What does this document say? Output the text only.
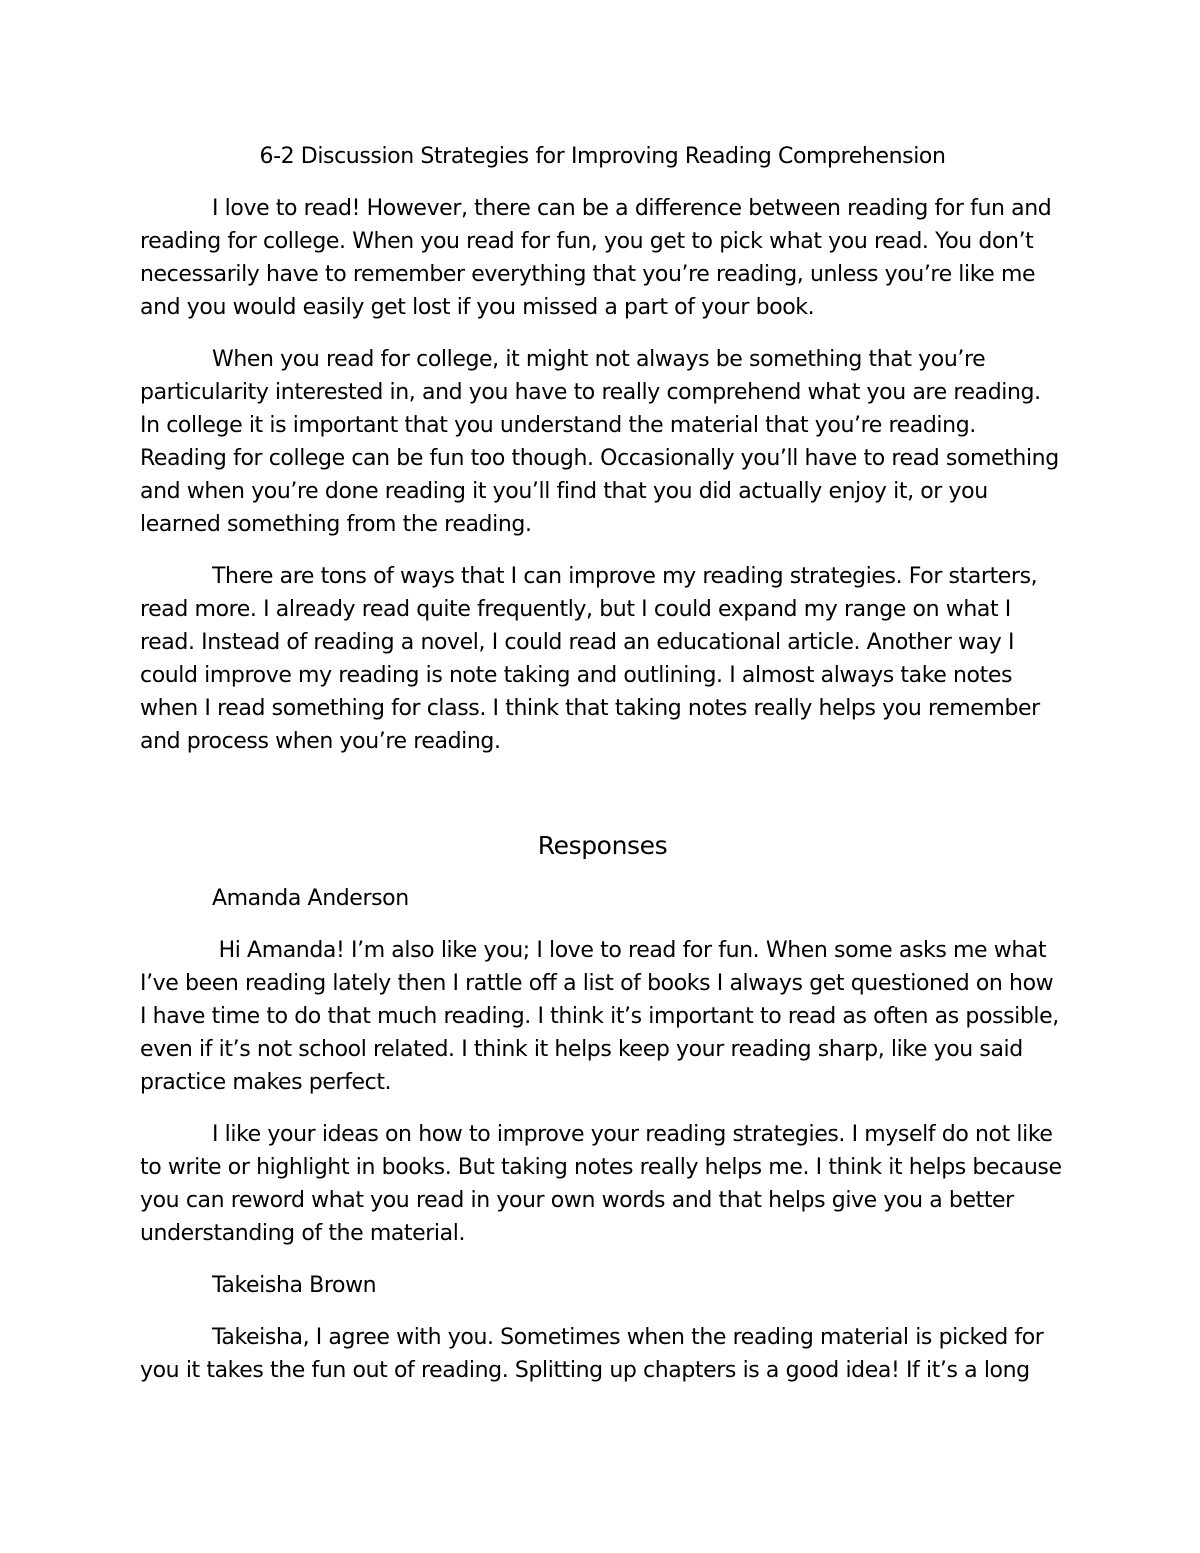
6-2 Discussion Strategies for Improving Reading Comprehension

I love to read! However, there can be a difference between reading for fun and reading for college. When you read for fun, you get to pick what you read. You don’t necessarily have to remember everything that you’re reading, unless you’re like me and you would easily get lost if you missed a part of your book.

When you read for college, it might not always be something that you’re particularity interested in, and you have to really comprehend what you are reading. In college it is important that you understand the material that you’re reading. Reading for college can be fun too though. Occasionally you’ll have to read something and when you’re done reading it you’ll find that you did actually enjoy it, or you learned something from the reading.

There are tons of ways that I can improve my reading strategies. For starters, read more. I already read quite frequently, but I could expand my range on what I read. Instead of reading a novel, I could read an educational article. Another way I could improve my reading is note taking and outlining. I almost always take notes when I read something for class. I think that taking notes really helps you remember and process when you’re reading.

Responses

Amanda Anderson

Hi Amanda! I’m also like you; I love to read for fun. When some asks me what I’ve been reading lately then I rattle off a list of books I always get questioned on how I have time to do that much reading. I think it’s important to read as often as possible, even if it’s not school related. I think it helps keep your reading sharp, like you said practice makes perfect.

I like your ideas on how to improve your reading strategies. I myself do not like to write or highlight in books. But taking notes really helps me. I think it helps because you can reword what you read in your own words and that helps give you a better understanding of the material.

Takeisha Brown

Takeisha, I agree with you. Sometimes when the reading material is picked for you it takes the fun out of reading. Splitting up chapters is a good idea! If it’s a long
